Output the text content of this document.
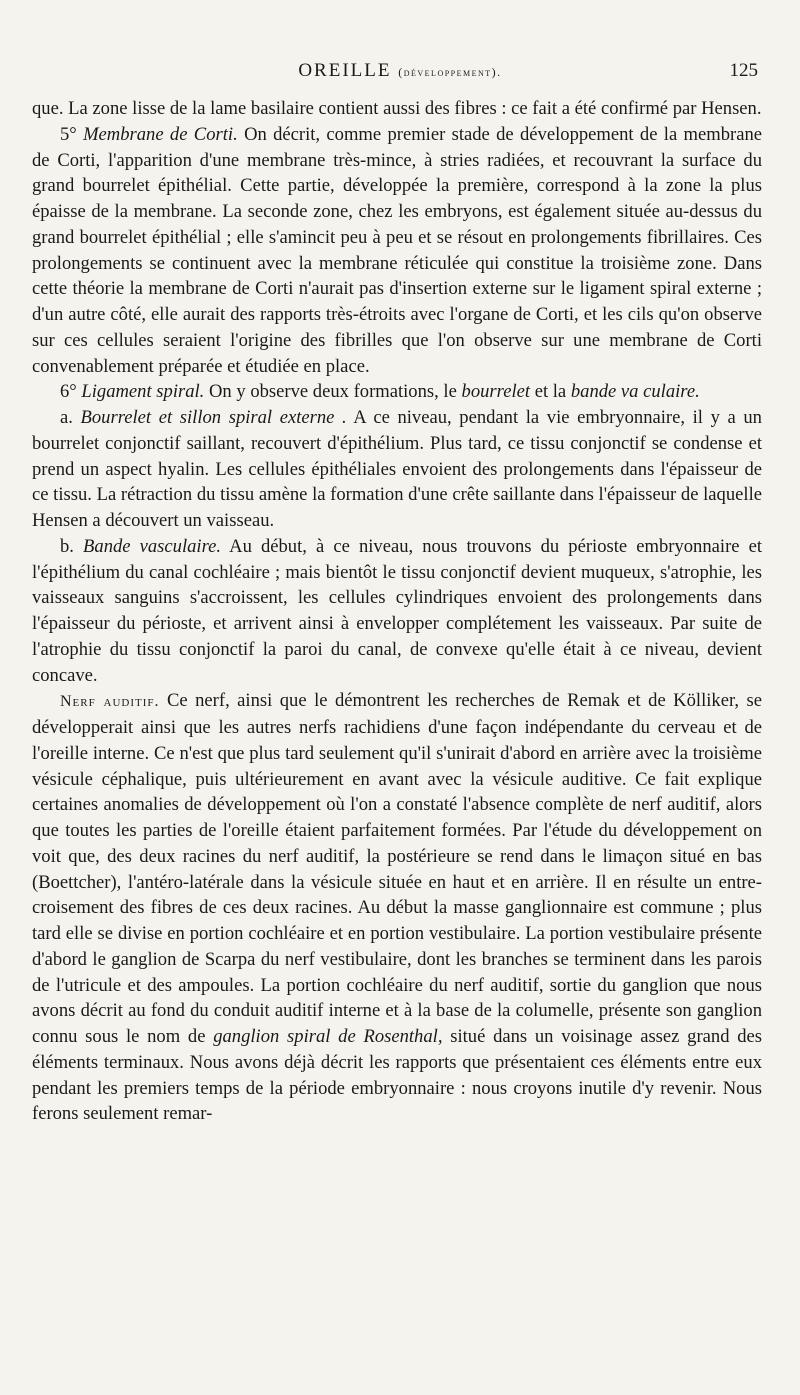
OREILLE (développement).	125

que. La zone lisse de la lame basilaire contient aussi des fibres : ce fait a été confirmé par Hensen.

5° Membrane de Corti. On décrit, comme premier stade de développement de la membrane de Corti, l'apparition d'une membrane très-mince, à stries radiées, et recouvrant la surface du grand bourrelet épithélial. Cette partie, développée la première, correspond à la zone la plus épaisse de la membrane. La seconde zone, chez les embryons, est également située au-dessus du grand bourrelet épithélial ; elle s'amincit peu à peu et se résout en prolongements fibrillaires. Ces prolongements se continuent avec la membrane réticulée qui constitue la troisième zone. Dans cette théorie la membrane de Corti n'aurait pas d'insertion externe sur le ligament spiral externe ; d'un autre côté, elle aurait des rapports très-étroits avec l'organe de Corti, et les cils qu'on observe sur ces cellules seraient l'origine des fibrilles que l'on observe sur une membrane de Corti convenablement préparée et étudiée en place.

6° Ligament spiral. On y observe deux formations, le bourrelet et la bande va culaire.

a. Bourrelet et sillon spiral externe . A ce niveau, pendant la vie embryonnaire, il y a un bourrelet conjonctif saillant, recouvert d'épithélium. Plus tard, ce tissu conjonctif se condense et prend un aspect hyalin. Les cellules épithéliales envoient des prolongements dans l'épaisseur de ce tissu. La rétraction du tissu amène la formation d'une crête saillante dans l'épaisseur de laquelle Hensen a découvert un vaisseau.

b. Bande vasculaire. Au début, à ce niveau, nous trouvons du périoste embryonnaire et l'épithélium du canal cochléaire ; mais bientôt le tissu conjonctif devient muqueux, s'atrophie, les vaisseaux sanguins s'accroissent, les cellules cylindriques envoient des prolongements dans l'épaisseur du périoste, et arrivent ainsi à envelopper complétement les vaisseaux. Par suite de l'atrophie du tissu conjonctif la paroi du canal, de convexe qu'elle était à ce niveau, devient concave.

Nerf auditif. Ce nerf, ainsi que le démontrent les recherches de Remak et de Kölliker, se développerait ainsi que les autres nerfs rachidiens d'une façon indépendante du cerveau et de l'oreille interne. Ce n'est que plus tard seulement qu'il s'unirait d'abord en arrière avec la troisième vésicule céphalique, puis ultérieurement en avant avec la vésicule auditive. Ce fait explique certaines anomalies de développement où l'on a constaté l'absence complète de nerf auditif, alors que toutes les parties de l'oreille étaient parfaitement formées. Par l'étude du développement on voit que, des deux racines du nerf auditif, la postérieure se rend dans le limaçon situé en bas (Boettcher), l'antéro-latérale dans la vésicule située en haut et en arrière. Il en résulte un entre-croisement des fibres de ces deux racines. Au début la masse ganglionnaire est commune ; plus tard elle se divise en portion cochléaire et en portion vestibulaire. La portion vestibulaire présente d'abord le ganglion de Scarpa du nerf vestibulaire, dont les branches se terminent dans les parois de l'utricule et des ampoules. La portion cochléaire du nerf auditif, sortie du ganglion que nous avons décrit au fond du conduit auditif interne et à la base de la columelle, présente son ganglion connu sous le nom de ganglion spiral de Rosenthal, situé dans un voisinage assez grand des éléments terminaux. Nous avons déjà décrit les rapports que présentaient ces éléments entre eux pendant les premiers temps de la période embryonnaire : nous croyons inutile d'y revenir. Nous ferons seulement remar-
